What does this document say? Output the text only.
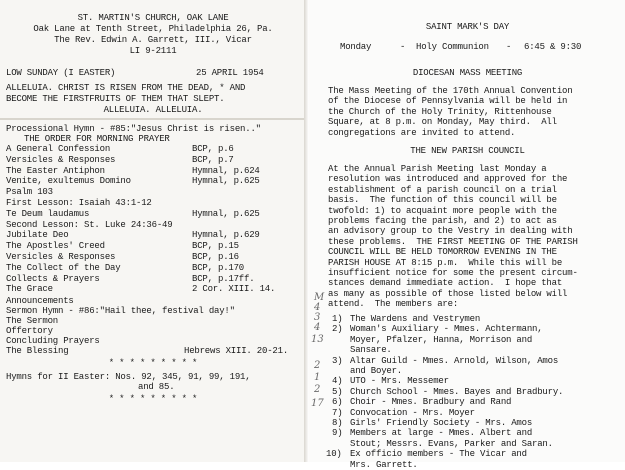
ST. MARTIN'S CHURCH, OAK LANE
Oak Lane at Tenth Street, Philadelphia 26, Pa.
The Rev. Edwin A. Garrett, III., Vicar
LI 9-2111
LOW SUNDAY (I EASTER)	25 APRIL 1954
ALLELUIA. CHRIST IS RISEN FROM THE DEAD, * AND
BECOME THE FIRSTFRUITS OF THEM THAT SLEPT.
ALLELUIA. ALLELUIA.
Processional Hymn - #85:"Jesus Christ is risen.."
THE ORDER FOR MORNING PRAYER
A General Confession	BCP, p.6
Versicles & Responses	BCP, p.7
The Easter Antiphon	Hymnal, p.624
Venite, exultemus Domino	Hymnal, p.625
Psalm 103
First Lesson: Isaiah 43:1-12
Te Deum laudamus	Hymnal, p.625
Second Lesson: St. Luke 24:36-49
Jubilate Deo	Hymnal, p.629
The Apostles' Creed	BCP, p.15
Versicles & Responses	BCP, p.16
The Collect of the Day	BCP, p.170
Collects & Prayers	BCP, p.17ff.
The Grace	2 Cor. XIII. 14.
Announcements
Sermon Hymn - #86:"Hail thee, festival day!"
The Sermon
Offertory
Concluding Prayers
The Blessing	Hebrews XIII. 20-21.
* * * * * * * * *
Hymns for II Easter: Nos. 92, 345, 91, 99, 191,
and 85.
* * * * * * * * *
SAINT MARK'S DAY
Monday	- Holy Communion - 6:45 & 9:30
DIOCESAN MASS MEETING
The Mass Meeting of the 170th Annual Convention
of the Diocese of Pennsylvania will be held in
the Church of the Holy Trinity, Rittenhouse
Square, at 8 p.m. on Monday, May third.  All
congregations are invited to attend.
THE NEW PARISH COUNCIL
At the Annual Parish Meeting last Monday a
resolution was introduced and approved for the
establishment of a parish council on a trial
basis.  The function of this council will be
twofold: 1) to acquaint more people with the
problems facing the parish, and 2) to act as
an advisory group to the Vestry in dealing with
these problems.  THE FIRST MEETING OF THE PARISH
COUNCIL WILL BE HELD TOMORROW EVENING IN THE
PARISH HOUSE AT 8:15 p.m.  While this will be
insufficient notice for some the present circum-
stances demand immediate action.  I hope that
as many as possible of those listed below will
attend.  The members are:
1) The Wardens and Vestrymen
2) Woman's Auxiliary - Mmes. Achtermann,
Moyer, Pfalzer, Hanna, Morrison and
Sansare.
3) Altar Guild - Mmes. Arnold, Wilson, Amos
and Boyer.
4) UTO - Mrs. Messemer
5) Church School - Mmes. Bayes and Bradbury.
6) Choir - Mmes. Bradbury and Rand
7) Convocation - Mrs. Moyer
8) Girls' Friendly Society - Mrs. Amos
9) Members at large - Mmes. Albert and
Stout; Messrs. Evans, Parker and Saran.
10) Ex officio members - The Vicar and
Mrs. Garrett.
M
4
3
4
13
2
1
2
17
